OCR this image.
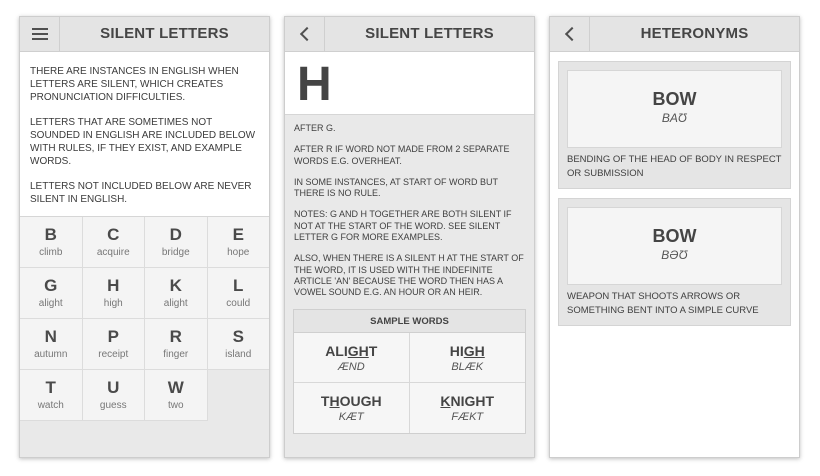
SILENT LETTERS

THERE ARE INSTANCES IN ENGLISH WHEN LETTERS ARE SILENT, WHICH CREATES PRONUNCIATION DIFFICULTIES.

LETTERS THAT ARE SOMETIMES NOT SOUNDED IN ENGLISH ARE INCLUDED BELOW WITH RULES, IF THEY EXIST, AND EXAMPLE WORDS.

LETTERS NOT INCLUDED BELOW ARE NEVER SILENT IN ENGLISH.

B
climb
C
acquire
D
bridge
E
hope
G
alight
H
high
K
alight
L
could
N
autumn
P
receipt
R
finger
S
island
T
watch
U
guess
W
two
SILENT LETTERS
H

AFTER G.

AFTER R IF WORD NOT MADE FROM 2 SEPARATE WORDS E.G. OVERHEAT.

IN SOME INSTANCES, AT START OF WORD BUT THERE IS NO RULE.

NOTES: G AND H TOGETHER ARE BOTH SILENT IF NOT AT THE START OF THE WORD. SEE SILENT LETTER G FOR MORE EXAMPLES.

ALSO, WHEN THERE IS A SILENT H AT THE START OF THE WORD, IT IS USED WITH THE INDEFINITE ARTICLE 'AN' BECAUSE THE WORD THEN HAS A VOWEL SOUND E.G. AN HOUR OR AN HEIR.

SAMPLE WORDS
ALIGHT
ÆND
HIGH
BLÆK
THOUGH
KÆT
KNIGHT
FÆKT
HETERONYMS
BOW
BAƱ
BENDING OF THE HEAD OF BODY IN RESPECT OR SUBMISSION
BOW
BƏƱ
WEAPON THAT SHOOTS ARROWS OR SOMETHING BENT INTO A SIMPLE CURVE
